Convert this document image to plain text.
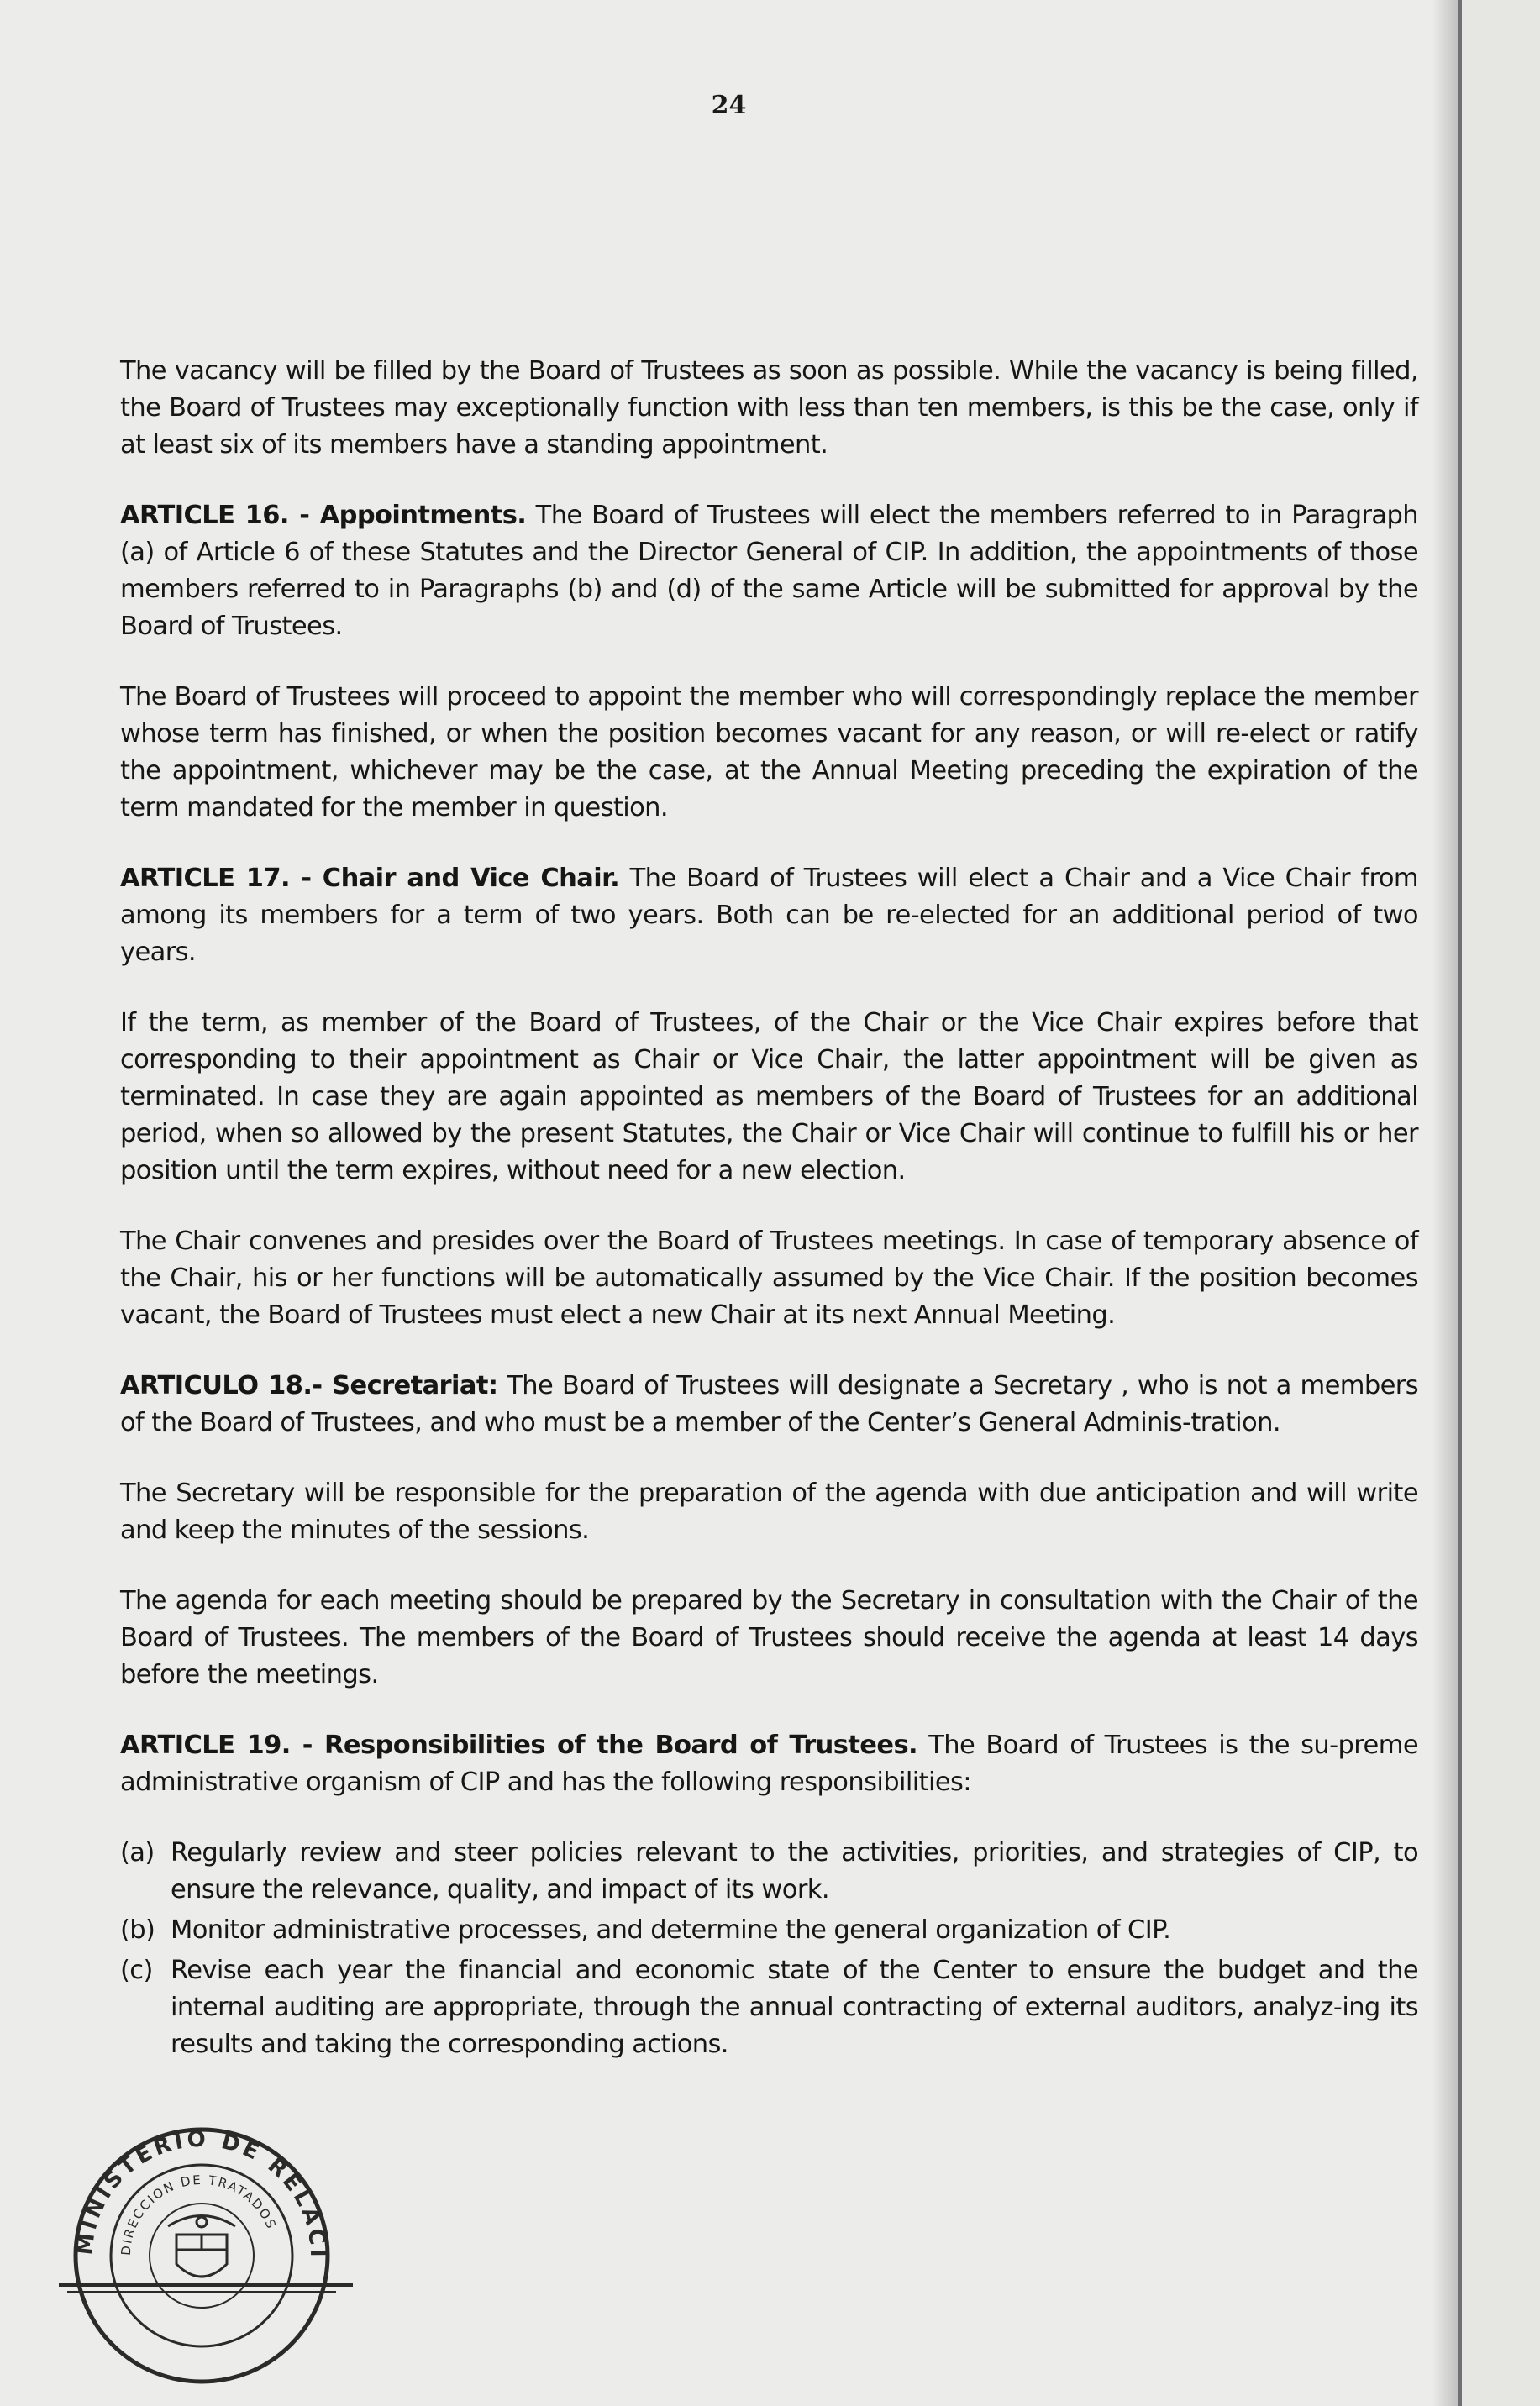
24

The vacancy will be filled by the Board of Trustees as soon as possible. While the vacancy is being filled, the Board of Trustees may exceptionally function with less than ten members, is this be the case, only if at least six of its members have a standing appointment.

ARTICLE 16. - Appointments. The Board of Trustees will elect the members referred to in Paragraph (a) of Article 6 of these Statutes and the Director General of CIP. In addition, the appointments of those members referred to in Paragraphs (b) and (d) of the same Article will be submitted for approval by the Board of Trustees.

The Board of Trustees will proceed to appoint the member who will correspondingly replace the member whose term has finished, or when the position becomes vacant for any reason, or will re-elect or ratify the appointment, whichever may be the case, at the Annual Meeting preceding the expiration of the term mandated for the member in question.

ARTICLE 17. - Chair and Vice Chair. The Board of Trustees will elect a Chair and a Vice Chair from among its members for a term of two years. Both can be re-elected for an additional period of two years.

If the term, as member of the Board of Trustees, of the Chair or the Vice Chair expires before that corresponding to their appointment as Chair or Vice Chair, the latter appointment will be given as terminated. In case they are again appointed as members of the Board of Trustees for an additional period, when so allowed by the present Statutes, the Chair or Vice Chair will continue to fulfill his or her position until the term expires, without need for a new election.

The Chair convenes and presides over the Board of Trustees meetings. In case of temporary absence of the Chair, his or her functions will be automatically assumed by the Vice Chair. If the position becomes vacant, the Board of Trustees must elect a new Chair at its next Annual Meeting.

ARTICULO 18.- Secretariat: The Board of Trustees will designate a Secretary , who is not a members of the Board of Trustees, and who must be a member of the Center’s General Adminis-tration.

The Secretary will be responsible for the preparation of the agenda with due anticipation and will write and keep the minutes of the sessions.

The agenda for each meeting should be prepared by the Secretary in consultation with the Chair of the Board of Trustees. The members of the Board of Trustees should receive the agenda at least 14 days before the meetings.

ARTICLE 19. - Responsibilities of the Board of Trustees. The Board of Trustees is the su-preme administrative organism of CIP and has the following responsibilities:

(a) Regularly review and steer policies relevant to the activities, priorities, and strategies of CIP, to ensure the relevance, quality, and impact of its work.
(b) Monitor administrative processes, and determine the general organization of CIP.
(c) Revise each year the financial and economic state of the Center to ensure the budget and the internal auditing are appropriate, through the annual contracting of external auditors, analyz-ing its results and taking the corresponding actions.
MINISTERIO DE RELACI
DIRECCION DE TRATADOS
